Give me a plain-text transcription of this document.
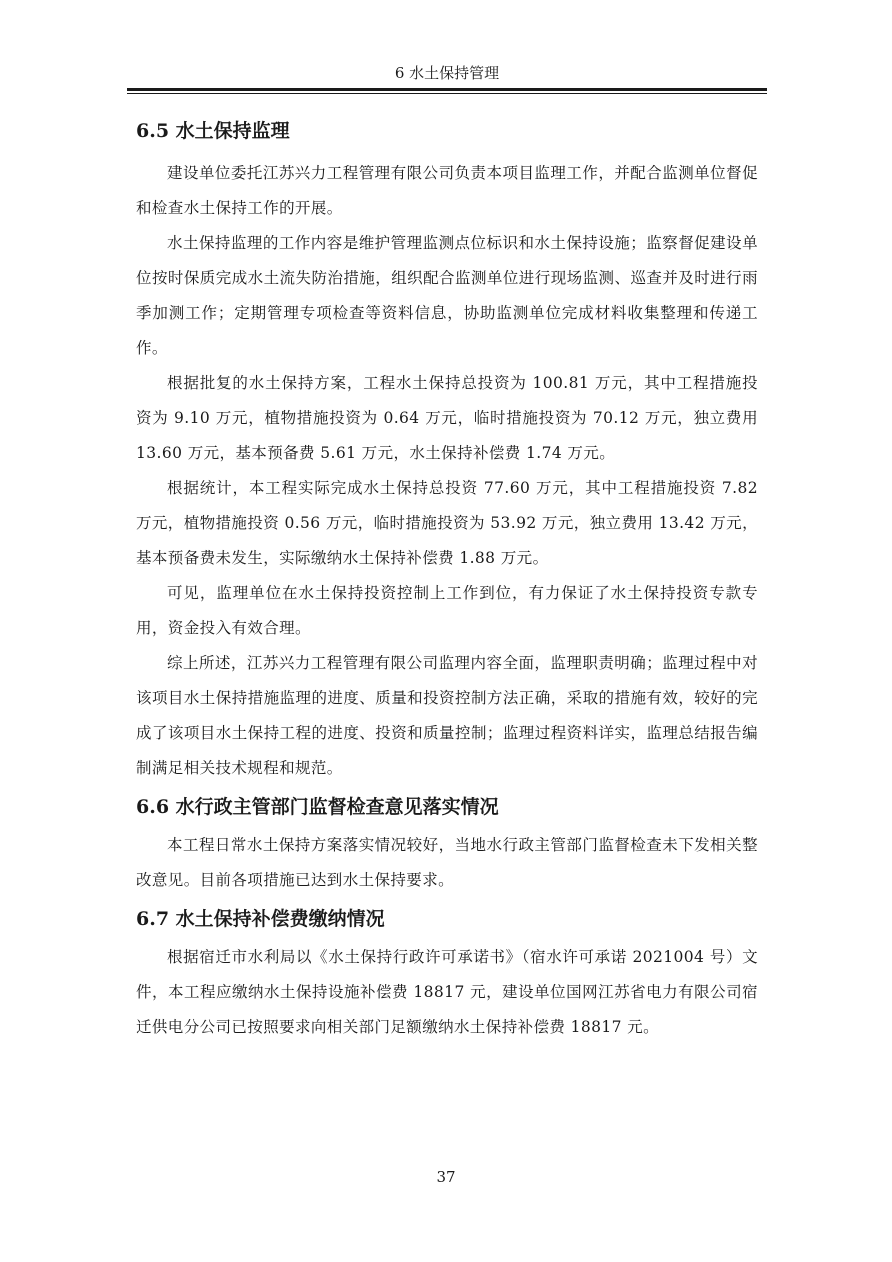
6 水土保持管理
6.5 水土保持监理

建设单位委托江苏兴力工程管理有限公司负责本项目监理工作，并配合监测单位督促和检查水土保持工作的开展。

水土保持监理的工作内容是维护管理监测点位标识和水土保持设施；监察督促建设单位按时保质完成水土流失防治措施，组织配合监测单位进行现场监测、巡查并及时进行雨季加测工作；定期管理专项检查等资料信息，协助监测单位完成材料收集整理和传递工作。

根据批复的水土保持方案，工程水土保持总投资为 100.81 万元，其中工程措施投资为 9.10 万元，植物措施投资为 0.64 万元，临时措施投资为 70.12 万元，独立费用 13.60 万元，基本预备费 5.61 万元，水土保持补偿费 1.74 万元。

根据统计，本工程实际完成水土保持总投资 77.60 万元，其中工程措施投资 7.82 万元，植物措施投资 0.56 万元，临时措施投资为 53.92 万元，独立费用 13.42 万元，基本预备费未发生，实际缴纳水土保持补偿费 1.88 万元。

可见，监理单位在水土保持投资控制上工作到位，有力保证了水土保持投资专款专用，资金投入有效合理。

综上所述，江苏兴力工程管理有限公司监理内容全面，监理职责明确；监理过程中对该项目水土保持措施监理的进度、质量和投资控制方法正确，采取的措施有效，较好的完成了该项目水土保持工程的进度、投资和质量控制；监理过程资料详实，监理总结报告编制满足相关技术规程和规范。

6.6 水行政主管部门监督检查意见落实情况

本工程日常水土保持方案落实情况较好，当地水行政主管部门监督检查未下发相关整改意见。目前各项措施已达到水土保持要求。

6.7 水土保持补偿费缴纳情况

根据宿迁市水利局以《水土保持行政许可承诺书》（宿水许可承诺 2021004 号）文件，本工程应缴纳水土保持设施补偿费 18817 元，建设单位国网江苏省电力有限公司宿迁供电分公司已按照要求向相关部门足额缴纳水土保持补偿费 18817 元。

37
